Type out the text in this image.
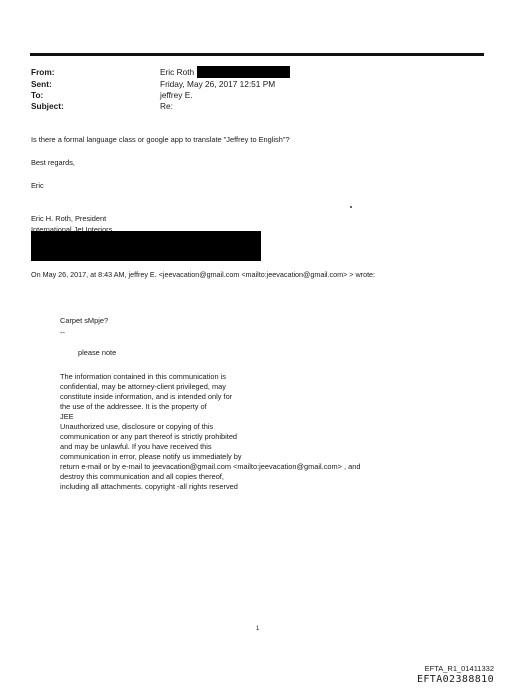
From:	Eric Roth
Sent:	Friday, May 26, 2017 12:51 PM
To:	jeffrey E.
Subject:	Re:
Is there a formal language class or google app to translate "Jeffrey to English"?
Best regards,
Eric
Eric H. Roth, President
International Jet Interiors
On May 26, 2017, at 8:43 AM, jeffrey E. <jeevacation@gmail.com <mailto:jeevacation@gmail.com> > wrote:
Carpet sMpje?
--
please note
The information contained in this communication is
confidential, may be attorney-client privileged, may
constitute inside information, and is intended only for
the use of the addressee. It is the property of
JEE
Unauthorized use, disclosure or copying of this
communication or any part thereof is strictly prohibited
and may be unlawful. If you have received this
communication in error, please notify us immediately by
return e-mail or by e-mail to jeevacation@gmail.com <mailto:jeevacation@gmail.com> , and
destroy this communication and all copies thereof,
including all attachments. copyright -all rights reserved
1
EFTA_R1_01411332
EFTA02388810
